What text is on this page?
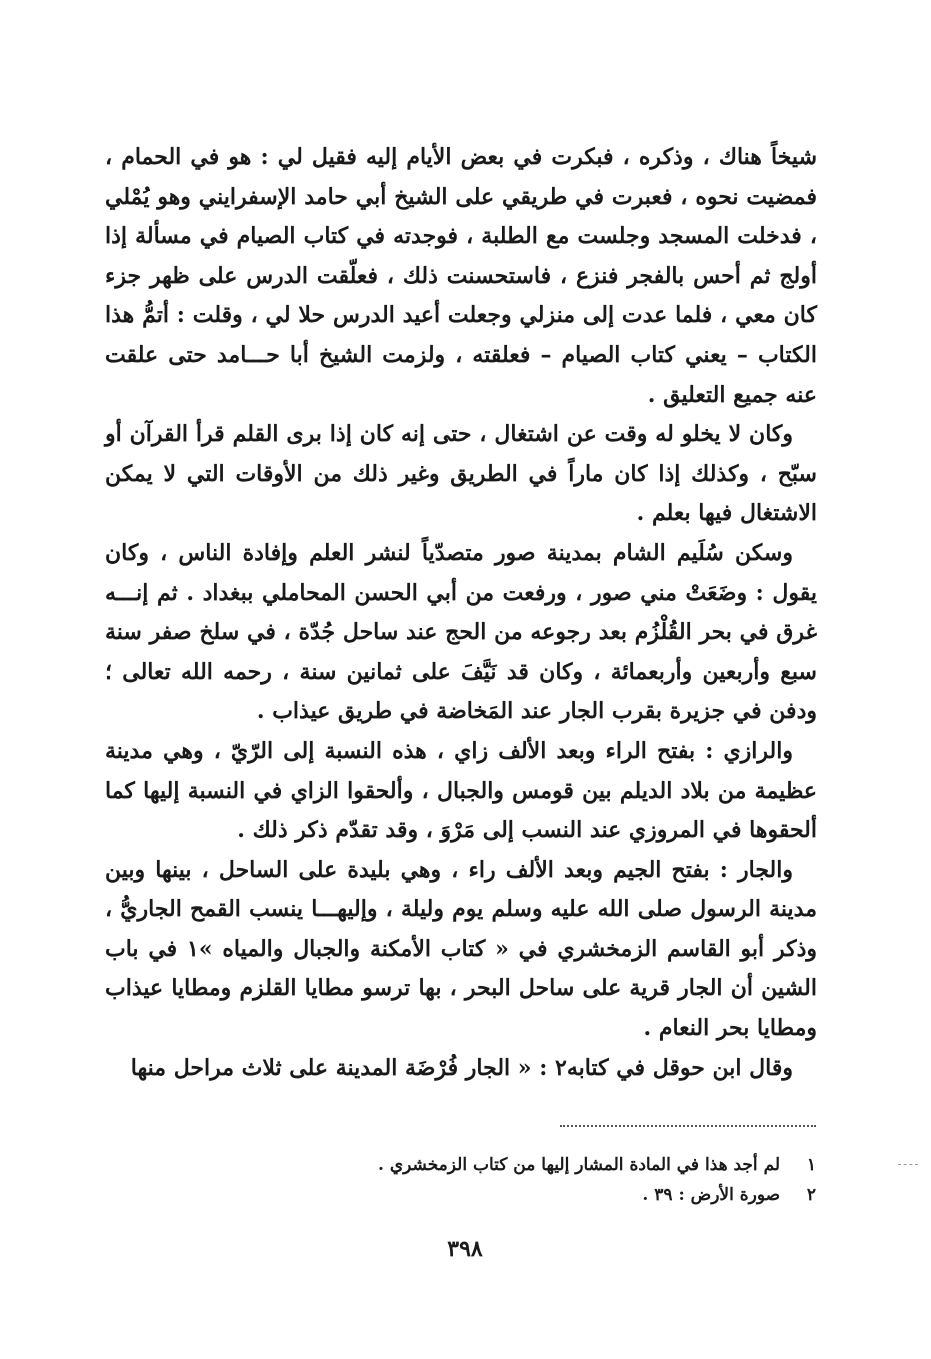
شيخاً هناك ، وذكره ، فبكرت في بعض الأيام إليه فقيل لي : هو في الحمام ، فمضيت نحوه ، فعبرت في طريقي على الشيخ أبي حامد الإسفرايني وهو يُمْلي ، فدخلت المسجد وجلست مع الطلبة ، فوجدته في كتاب الصيام في مسألة إذا أولج ثم أحس بالفجر فنزع ، فاستحسنت ذلك ، فعلّقت الدرس على ظهر جزء كان معي ، فلما عدت إلى منزلي وجعلت أعيد الدرس حلا لي ، وقلت : أتمُّ هذا الكتاب – يعني كتاب الصيام – فعلقته ، ولزمت الشيخ أبا حـــامد حتى علقت عنه جميع التعليق .

وكان لا يخلو له وقت عن اشتغال ، حتى إنه كان إذا برى القلم قرأ القرآن أو سبّح ، وكذلك إذا كان ماراً في الطريق وغير ذلك من الأوقات التي لا يمكن الاشتغال فيها بعلم .

وسكن سُلَيم الشام بمدينة صور متصدّياً لنشر العلم وإفادة الناس ، وكان يقول : وضَعَتْ مني صور ، ورفعت من أبي الحسن المحاملي ببغداد . ثم إنـــه غرق في بحر القُلْزُم بعد رجوعه من الحج عند ساحل جُدّة ، في سلخ صفر سنة سبع وأربعين وأربعمائة ، وكان قد نَيَّفَ على ثمانين سنة ، رحمه الله تعالى ؛ ودفن في جزيرة بقرب الجار عند المَخاضة في طريق عيذاب .

والرازي : بفتح الراء وبعد الألف زاي ، هذه النسبة إلى الرّيّ ، وهي مدينة عظيمة من بلاد الديلم بين قومس والجبال ، وألحقوا الزاي في النسبة إليها كما ألحقوها في المروزي عند النسب إلى مَرْوَ ، وقد تقدّم ذكر ذلك .

والجار : بفتح الجيم وبعد الألف راء ، وهي بليدة على الساحل ، بينها وبين مدينة الرسول صلى الله عليه وسلم يوم وليلة ، وإليهـــا ينسب القمح الجاريُّ ، وذكر أبو القاسم الزمخشري في « كتاب الأمكنة والجبال والمياه »١ في باب الشين أن الجار قرية على ساحل البحر ، بها ترسو مطايا القلزم ومطايا عيذاب ومطايا بحر النعام .

وقال ابن حوقل في كتابه٢ : « الجار فُرْضَة المدينة على ثلاث مراحل منها

١ لم أجد هذا في المادة المشار إليها من كتاب الزمخشري .
٢ صورة الأرض : ٣٩ .
٣٩٨
